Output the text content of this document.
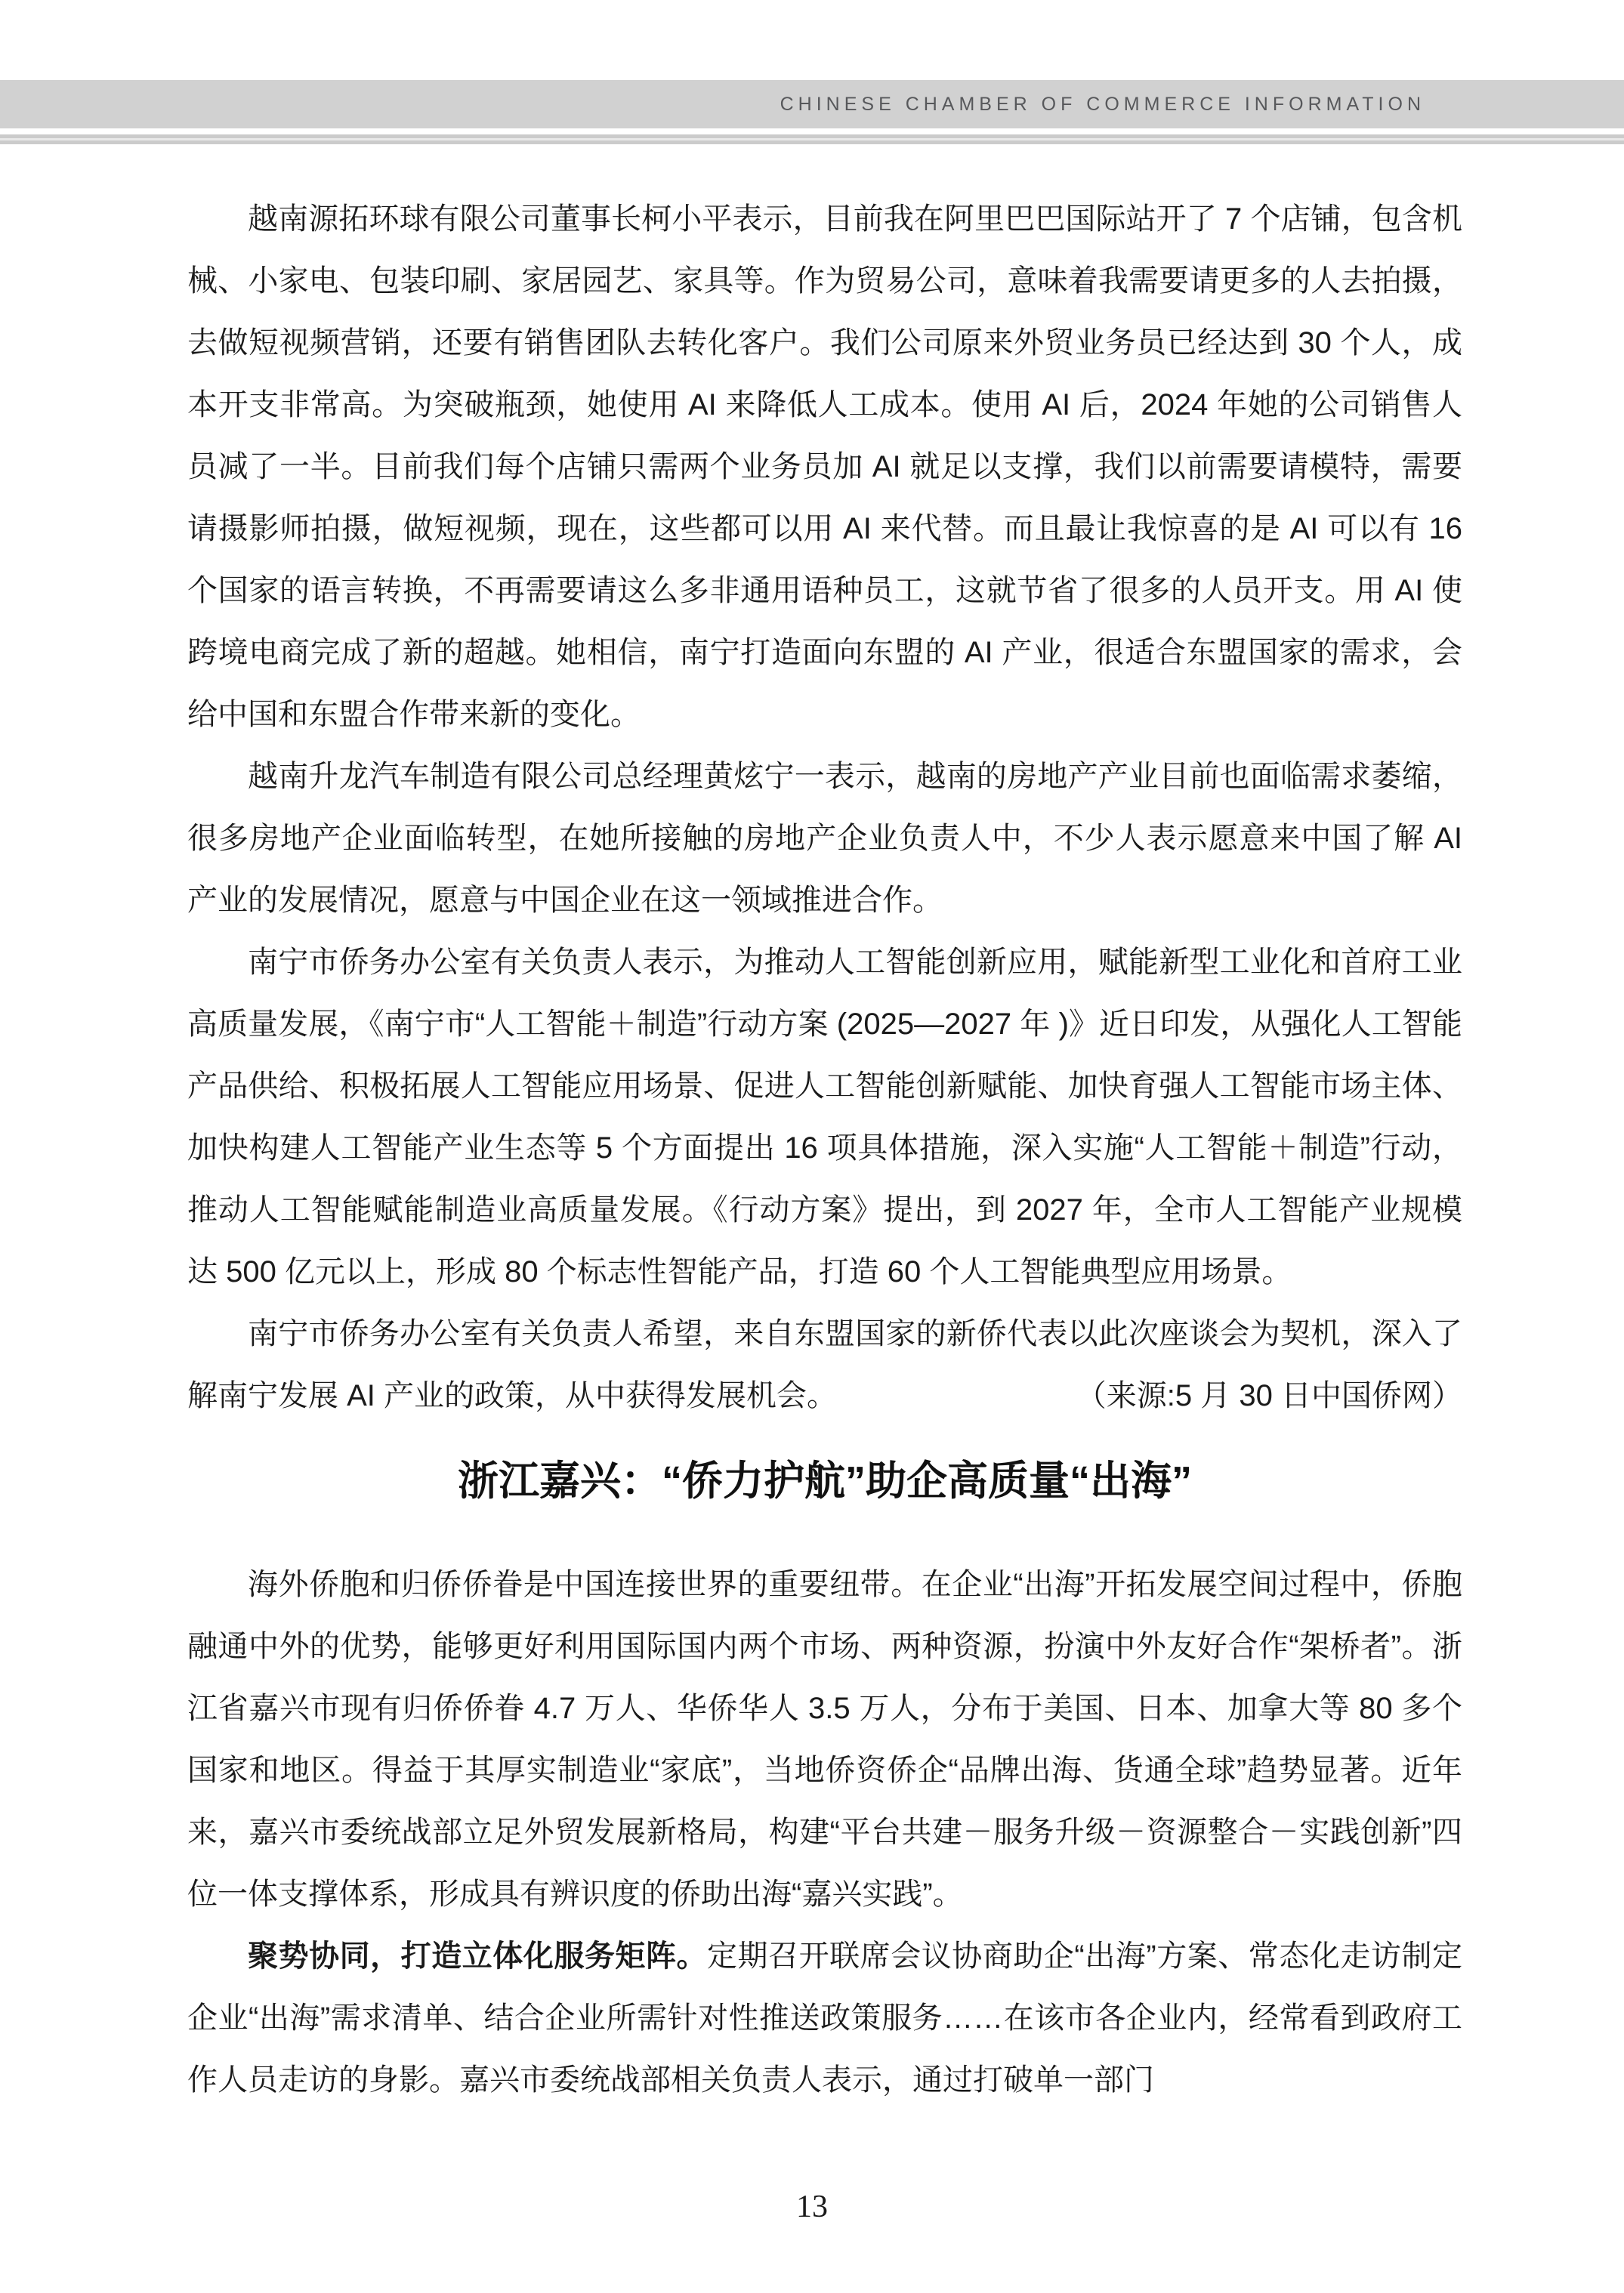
CHINESE CHAMBER OF COMMERCE INFORMATION

越南源拓环球有限公司董事长柯小平表示，目前我在阿里巴巴国际站开了 7 个店铺，包含机械、小家电、包装印刷、家居园艺、家具等。作为贸易公司，意味着我需要请更多的人去拍摄，去做短视频营销，还要有销售团队去转化客户。我们公司原来外贸业务员已经达到 30 个人，成本开支非常高。为突破瓶颈，她使用 AI 来降低人工成本。使用 AI 后，2024 年她的公司销售人员减了一半。目前我们每个店铺只需两个业务员加 AI 就足以支撑，我们以前需要请模特，需要请摄影师拍摄，做短视频，现在，这些都可以用 AI 来代替。而且最让我惊喜的是 AI 可以有 16 个国家的语言转换，不再需要请这么多非通用语种员工，这就节省了很多的人员开支。用 AI 使跨境电商完成了新的超越。她相信，南宁打造面向东盟的 AI 产业，很适合东盟国家的需求，会给中国和东盟合作带来新的变化。

越南升龙汽车制造有限公司总经理黄炫宁一表示，越南的房地产产业目前也面临需求萎缩，很多房地产企业面临转型，在她所接触的房地产企业负责人中，不少人表示愿意来中国了解 AI 产业的发展情况，愿意与中国企业在这一领域推进合作。

南宁市侨务办公室有关负责人表示，为推动人工智能创新应用，赋能新型工业化和首府工业高质量发展，《南宁市“人工智能＋制造”行动方案 (2025—2027 年 )》近日印发，从强化人工智能产品供给、积极拓展人工智能应用场景、促进人工智能创新赋能、加快育强人工智能市场主体、加快构建人工智能产业生态等 5 个方面提出 16 项具体措施，深入实施“人工智能＋制造”行动，推动人工智能赋能制造业高质量发展。《行动方案》提出，到 2027 年，全市人工智能产业规模达 500 亿元以上，形成 80 个标志性智能产品，打造 60 个人工智能典型应用场景。

南宁市侨务办公室有关负责人希望，来自东盟国家的新侨代表以此次座谈会为契机，深入了解南宁发展 AI 产业的政策，从中获得发展机会。	（来源:5 月 30 日中国侨网）

浙江嘉兴：“侨力护航”助企高质量“出海”

海外侨胞和归侨侨眷是中国连接世界的重要纽带。在企业“出海”开拓发展空间过程中，侨胞融通中外的优势，能够更好利用国际国内两个市场、两种资源，扮演中外友好合作“架桥者”。浙江省嘉兴市现有归侨侨眷 4.7 万人、华侨华人 3.5 万人，分布于美国、日本、加拿大等 80 多个国家和地区。得益于其厚实制造业“家底”，当地侨资侨企“品牌出海、货通全球”趋势显著。近年来，嘉兴市委统战部立足外贸发展新格局，构建“平台共建－服务升级－资源整合－实践创新”四位一体支撑体系，形成具有辨识度的侨助出海“嘉兴实践”。

聚势协同，打造立体化服务矩阵。定期召开联席会议协商助企“出海”方案、常态化走访制定企业“出海”需求清单、结合企业所需针对性推送政策服务……在该市各企业内，经常看到政府工作人员走访的身影。嘉兴市委统战部相关负责人表示，通过打破单一部门

13
